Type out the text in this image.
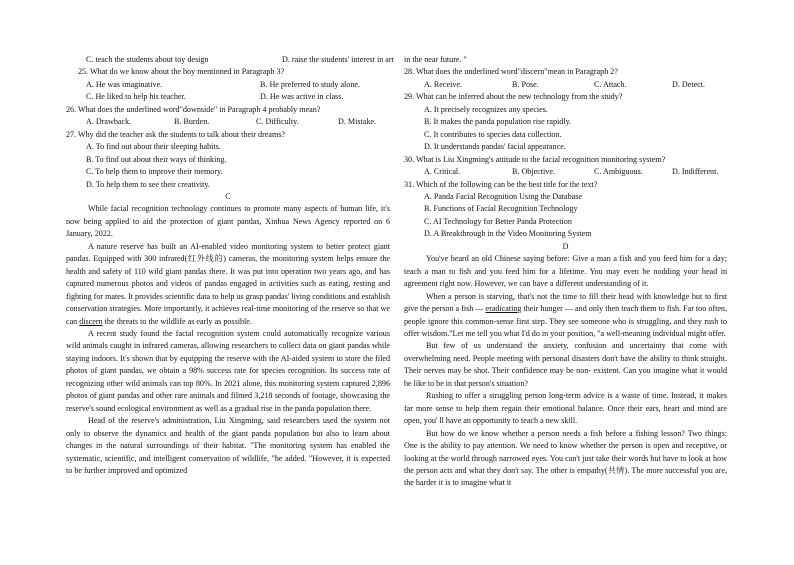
C. teach the students about toy design	D. raise the students' interest in art
25. What do we know about the boy mentioned in Paragraph 3?
A. He was imaginative.	B. He preferred to study alone.
C. He liked to help his teacher.	D. He was active in class.
26. What does the underlined word"downside" in Paragraph 4 probably mean?
A. Drawback.	B. Burden.	C. Difficulty.	D. Mistake.
27. Why did the teacher ask the students to talk about their dreams?
A. To find out about their sleeping habits.
B. To find out about their ways of thinking.
C. To help them to improve their memory.
D. To help them to see their creativity.
C
While facial recognition technology continues to promote many aspects of human life, it's now being applied to aid the protection of giant pandas, Xinhua News Agency reported on 6 January, 2022.
A nature reserve has built an AI-enabled video monitoring system to better protect giant pandas. Equipped with 300 infrared(红外线的) cameras, the monitoring system helps ensure the health and safety of 110 wild giant pandas there. It was put into operation two years ago, and has captured numerous photos and videos of pandas engaged in activities such as eating, resting and fighting for mates. It provides scientific data to help us grasp pandas' living conditions and establish conservation strategies. More importantly, it achieves real-time monitoring of the reserve so that we can discern the threats to the wildlife as early as possible.
A recent study found the facial recognition system could automatically recognize various wild animals caught in infrared cameras, allowing researchers to collect data on giant pandas while staying indoors. It's shown that by equipping the reserve with the AI-aided system to store the filed photos of giant pandas, we obtain a 98% success rate for species recognition. Its success rate of recognizing other wild animals can top 80%. In 2021 alone, this monitoring system captured 2,896 photos of giant pandas and other rare animals and filmed 3,218 seconds of footage, showcasing the reserve's sound ecological environment as well as a gradual rise in the panda population there.
Head of the reserve's administration, Liu Xingming, said researchers used the system not only to observe the dynamics and health of the giant panda population but also to learn about changes in the natural surroundings of their habitat. "The monitoring system has enabled the systematic, scientific, and intelligent conservation of wildlife, "he added. "However, it is expected to be further improved and optimized
in the near future. "
28. What does the underlined word"discern"mean in Paragraph 2?
A. Receive.	B. Pose.	C. Attach.	D. Detect.
29. What can be inferred about the new technology from the study?
A. It precisely recognizes any species.
B. It makes the panda population rise rapidly.
C. It contributes to species data collection.
D. It understands pandas' facial appearance.
30. What is Liu Xingming's attitude to the facial recognition monitoring system?
A. Critical.	B. Objective.	C. Ambiguous.	D. Indifferent.
31. Which of the following can be the best title for the text?
A. Panda Facial Recognition Using the Database
B. Functions of Facial Recognition Technology
C. AI Technology for Better Panda Protection
D. A Breakthrough in the Video Monitoring System
D
You've heard an old Chinese saying before: Give a man a fish and you feed him for a day; teach a man to fish and you feed him for a lifetime. You may even be nodding your head in agreement right now. However, we can have a different understanding of it.
When a person is starving, that's not the time to fill their head with knowledge but to first give the person a fish — eradicating their hunger — and only then teach them to fish. Far too often, people ignore this common-sense first step. They see someone who is struggling, and they rush to offer wisdom."Let me tell you what I'd do in your position, "a well-meaning individual might offer.
But few of us understand the anxiety, confusion and uncertainty that come with overwhelming need. People meeting with personal disasters don't have the ability to think straight. Their nerves may be shot. Their confidence may be non- existent. Can you imagine what it would be like to be in that person's situation?
Rushing to offer a struggling person long-term advice is a waste of time. Instead, it makes far more sense to help them regain their emotional balance. Once their ears, heart and mind are open, you' ll have an opportunity to teach a new skill.
But how do we know whether a person needs a fish before a fishing lesson? Two things: One is the ability to pay attention. We need to know whether the person is open and receptive, or looking at the world through narrowed eyes. You can't just take their words but have to look at how the person acts and what they don't say. The other is empathy(共情). The more successful you are, the harder it is to imagine what it
